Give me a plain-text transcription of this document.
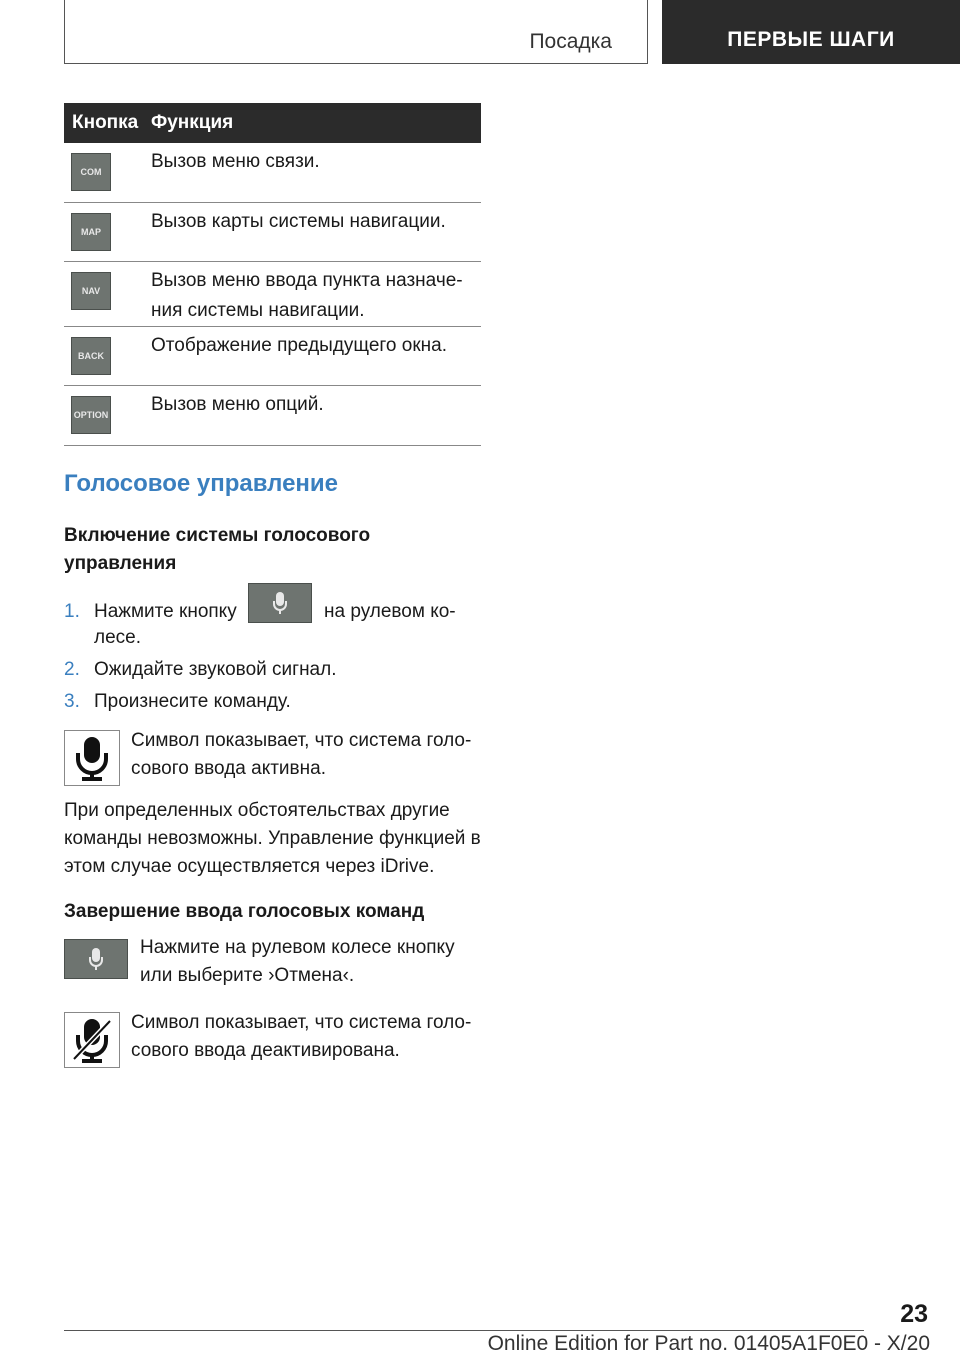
Посадка	ПЕРВЫЕ ШАГИ
Кнопка Функция
COM	Вызов меню связи.
MAP	Вызов карты системы навигации.
NAV	Вызов меню ввода пункта назначе-
ния системы навигации.
BACK	Отображение предыдущего окна.
OPTION Вызов меню опций.
Голосовое управление
Включение системы голосового
управления
1. Нажмите кнопку	на рулевом ко-
лесе.
2. Ожидайте звуковой сигнал.
3. Произнесите команду.
Символ показывает, что система голо-
сового ввода активна.
При определенных обстоятельствах другие
команды невозможны. Управление функцией в
этом случае осуществляется через iDrive.
Завершение ввода голосовых команд
Нажмите на рулевом колесе кнопку
или выберите ›Отмена‹.
Символ показывает, что система голо-
сового ввода деактивирована.
23
Online Edition for Part no. 01405A1F0E0 - X/20
